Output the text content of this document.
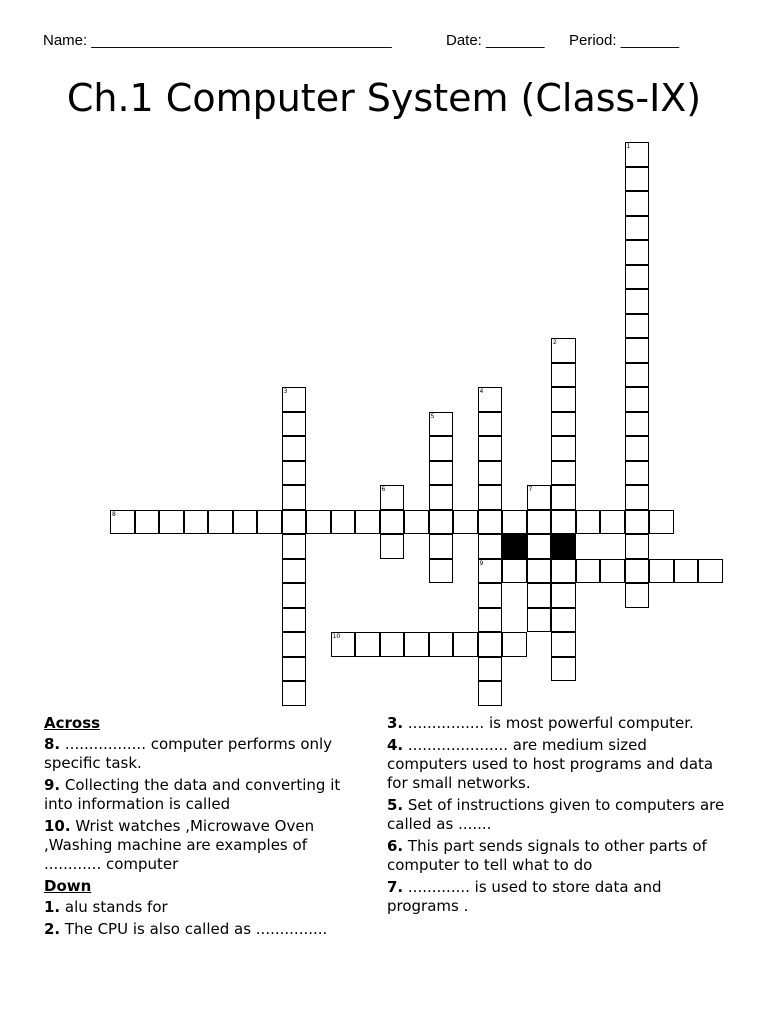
Name: ____________________________________	Date: _______ Period: _______
Ch.1 Computer System (Class-IX)
1
2
3	4
9
5
6	7
8
10
Across
8. ................. computer performs only specific task.
9. Collecting the data and converting it into information is called
10. Wrist watches ,Microwave Oven ,Washing machine are examples of ............ computer
Down
1. alu stands for
2. The CPU is also called as ...............
3. ................ is most powerful computer.
4. ..................... are medium sized computers used to host programs and data for small networks.
5. Set of instructions given to computers are called as .......
6. This part sends signals to other parts of computer to tell what to do
7. ............. is used to store data and programs .
